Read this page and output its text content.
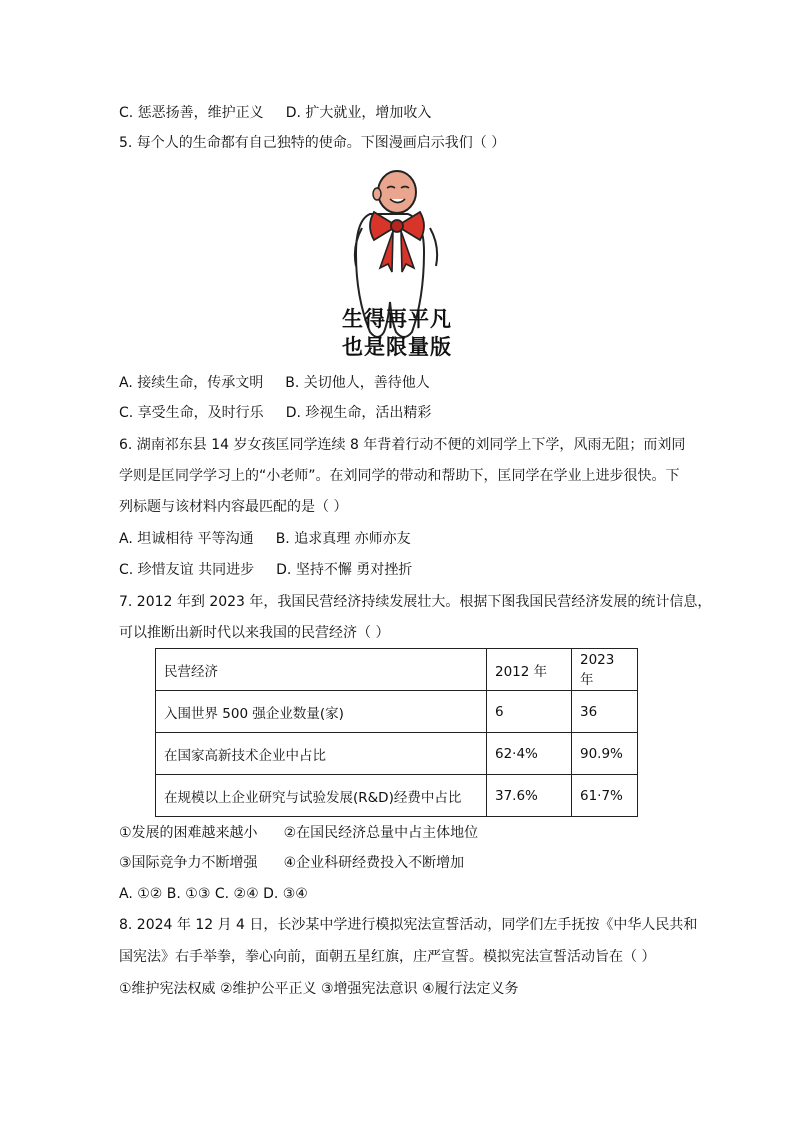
C. 惩恶扬善，维护正义 D. 扩大就业，增加收入
5. 每个人的生命都有自己独特的使命。下图漫画启示我们（ ）
生得再平凡
也是限量版
A. 接续生命，传承文明 B. 关切他人，善待他人
C. 享受生命，及时行乐 D. 珍视生命，活出精彩
6. 湖南祁东县 14 岁女孩匡同学连续 8 年背着行动不便的刘同学上下学，风雨无阻；而刘同
学则是匡同学学习上的“小老师”。在刘同学的带动和帮助下，匡同学在学业上进步很快。下
列标题与该材料内容最匹配的是（ ）
A. 坦诚相待 平等沟通 B. 追求真理 亦师亦友
C. 珍惜友谊 共同进步 D. 坚持不懈 勇对挫折
7. 2012 年到 2023 年，我国民营经济持续发展壮大。根据下图我国民营经济发展的统计信息，
可以推断出新时代以来我国的民营经济（ ）
民营经济	2012 年	2023 年
入围世界 500 强企业数量(家)	6	36
在国家高新技术企业中占比	62·4%	90.9%
在规模以上企业研究与试验发展(R&D)经费中占比	37.6%	61·7%
①发展的困难越来越小 ②在国民经济总量中占主体地位
③国际竞争力不断增强 ④企业科研经费投入不断增加
A. ①② B. ①③ C. ②④ D. ③④
8. 2024 年 12 月 4 日，长沙某中学进行模拟宪法宣誓活动，同学们左手抚按《中华人民共和
国宪法》右手举拳，拳心向前，面朝五星红旗，庄严宣誓。模拟宪法宣誓活动旨在（ ）
①维护宪法权威 ②维护公平正义 ③增强宪法意识 ④履行法定义务
